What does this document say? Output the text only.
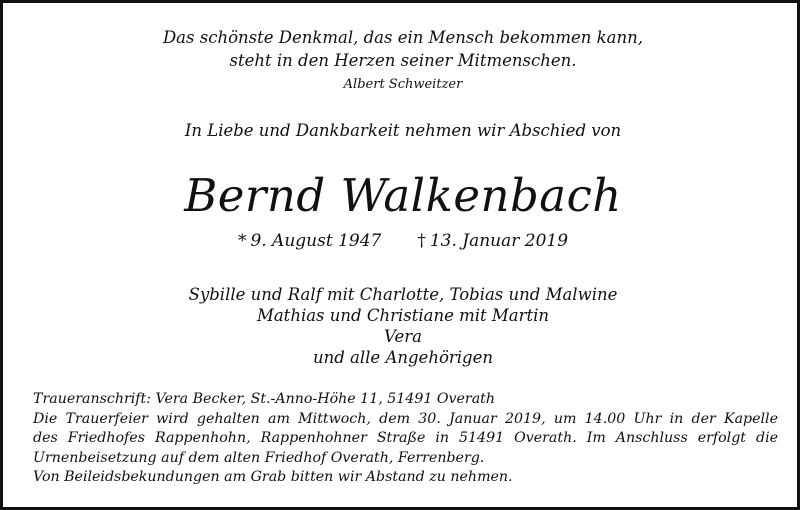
Das schönste Denkmal, das ein Mensch bekommen kann,
steht in den Herzen seiner Mitmenschen.
Albert Schweitzer
In Liebe und Dankbarkeit nehmen wir Abschied von
Bernd Walkenbach
* 9. August 1947 † 13. Januar 2019
Sybille und Ralf mit Charlotte, Tobias und Malwine
Mathias und Christiane mit Martin
Vera
und alle Angehörigen
Traueranschrift: Vera Becker, St.-Anno-Höhe 11, 51491 Overath
Die Trauerfeier wird gehalten am Mittwoch, dem 30. Januar 2019, um 14.00 Uhr in der Kapelle
des Friedhofes Rappenhohn, Rappenhohner Straße in 51491 Overath. Im Anschluss erfolgt die
Urnenbeisetzung auf dem alten Friedhof Overath, Ferrenberg.
Von Beileidsbekundungen am Grab bitten wir Abstand zu nehmen.
